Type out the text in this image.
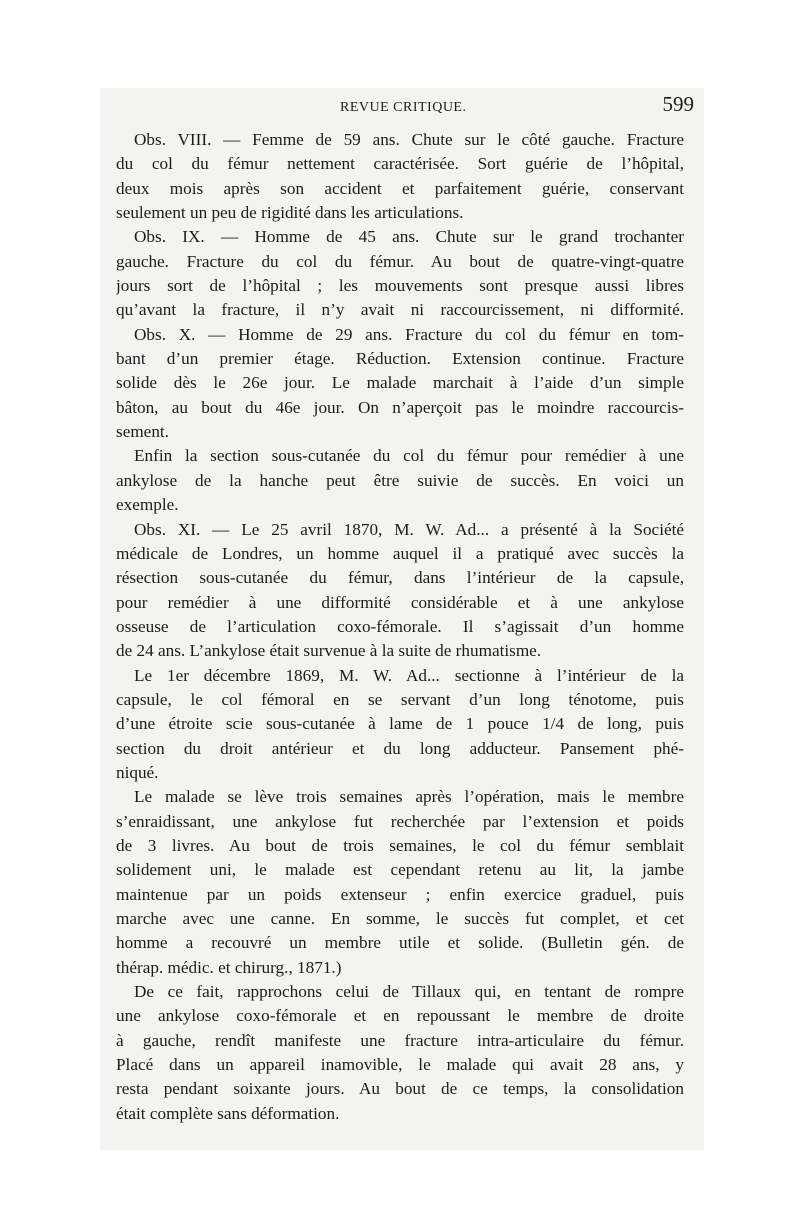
REVUE CRITIQUE.	599
Obs. VIII. — Femme de 59 ans. Chute sur le côté gauche. Fracture
du col du fémur nettement caractérisée. Sort guérie de l’hôpital,
deux mois après son accident et parfaitement guérie, conservant
seulement un peu de rigidité dans les articulations.
Obs. IX. — Homme de 45 ans. Chute sur le grand trochanter
gauche. Fracture du col du fémur. Au bout de quatre-vingt-quatre
jours sort de l’hôpital ; les mouvements sont presque aussi libres
qu’avant la fracture, il n’y avait ni raccourcissement, ni difformité.
Obs. X. — Homme de 29 ans. Fracture du col du fémur en tom-
bant d’un premier étage. Réduction. Extension continue. Fracture
solide dès le 26e jour. Le malade marchait à l’aide d’un simple
bâton, au bout du 46e jour. On n’aperçoit pas le moindre raccourcis-
sement.
Enfin la section sous-cutanée du col du fémur pour remédier à une
ankylose de la hanche peut être suivie de succès. En voici un
exemple.
Obs. XI. — Le 25 avril 1870, M. W. Ad... a présenté à la Société
médicale de Londres, un homme auquel il a pratiqué avec succès la
résection sous-cutanée du fémur, dans l’intérieur de la capsule,
pour remédier à une difformité considérable et à une ankylose
osseuse de l’articulation coxo-fémorale. Il s’agissait d’un homme
de 24 ans. L’ankylose était survenue à la suite de rhumatisme.
Le 1er décembre 1869, M. W. Ad... sectionne à l’intérieur de la
capsule, le col fémoral en se servant d’un long ténotome, puis
d’une étroite scie sous-cutanée à lame de 1 pouce 1/4 de long, puis
section du droit antérieur et du long adducteur. Pansement phé-
niqué.
Le malade se lève trois semaines après l’opération, mais le membre
s’enraidissant, une ankylose fut recherchée par l’extension et poids
de 3 livres. Au bout de trois semaines, le col du fémur semblait
solidement uni, le malade est cependant retenu au lit, la jambe
maintenue par un poids extenseur ; enfin exercice graduel, puis
marche avec une canne. En somme, le succès fut complet, et cet
homme a recouvré un membre utile et solide. (Bulletin gén. de
thérap. médic. et chirurg., 1871.)
De ce fait, rapprochons celui de Tillaux qui, en tentant de rompre
une ankylose coxo-fémorale et en repoussant le membre de droite
à gauche, rendît manifeste une fracture intra-articulaire du fémur.
Placé dans un appareil inamovible, le malade qui avait 28 ans, y
resta pendant soixante jours. Au bout de ce temps, la consolidation
était complète sans déformation.
